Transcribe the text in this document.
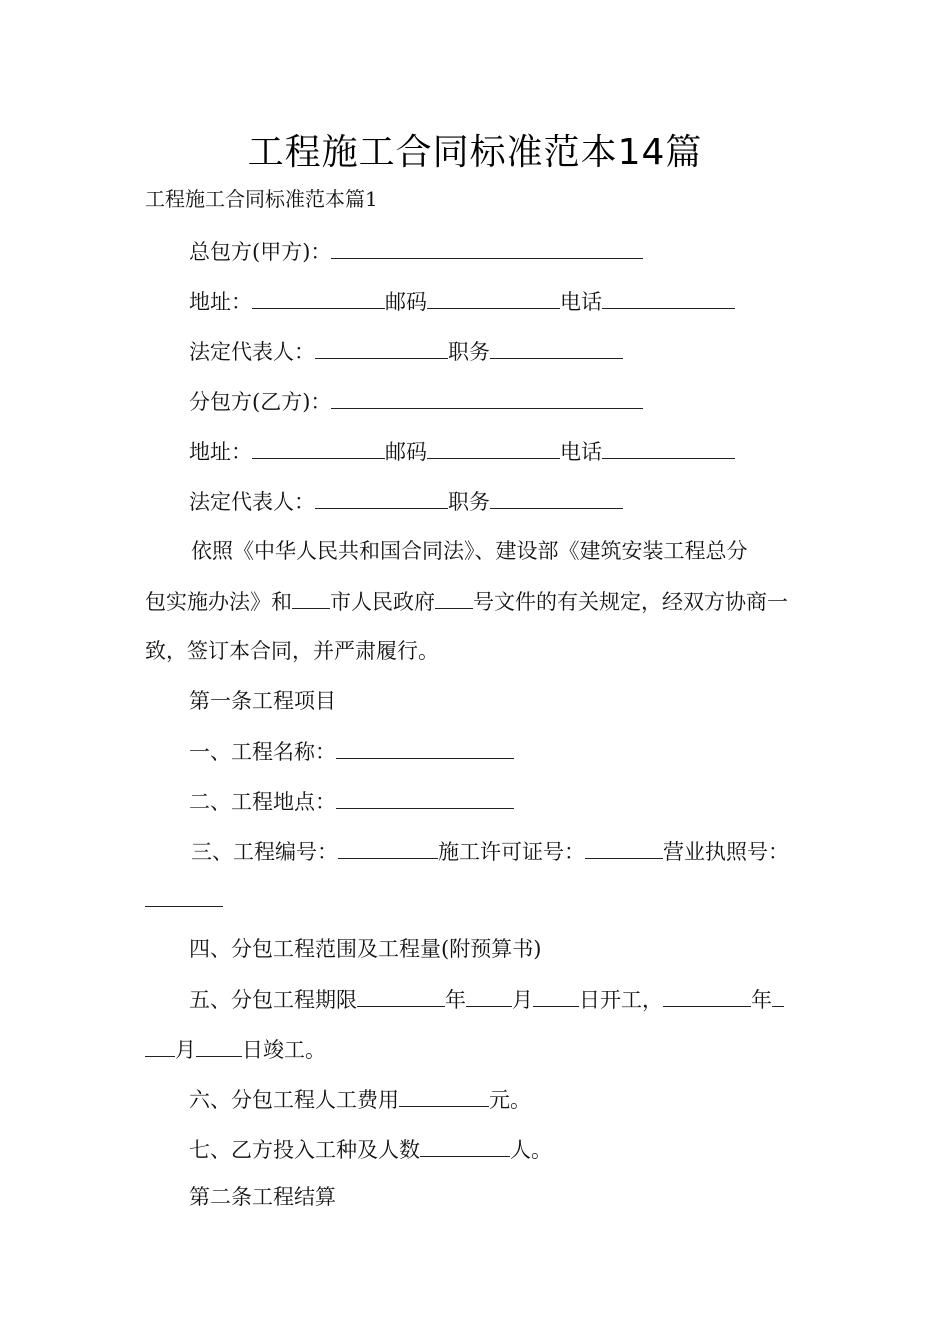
工程施工合同标准范本14篇
工程施工合同标准范本篇1
总包方(甲方)：
地址：	邮码	电话
法定代表人：	职务
分包方(乙方)：
地址：	邮码	电话
法定代表人：	职务
依照《中华人民共和国合同法》、建设部《建筑安装工程总分
包实施办法》和 市人民政府 号文件的有关规定，经双方协商一
致，签订本合同，并严肃履行。
第一条工程项目
一、工程名称：
二、工程地点：
三、工程编号：	施工许可证号：	营业执照号：
四、分包工程范围及工程量(附预算书)
五、分包工程期限	年 月 日开工，	年
月 日竣工。
六、分包工程人工费用	元。
七、乙方投入工种及人数	人。
第二条工程结算
